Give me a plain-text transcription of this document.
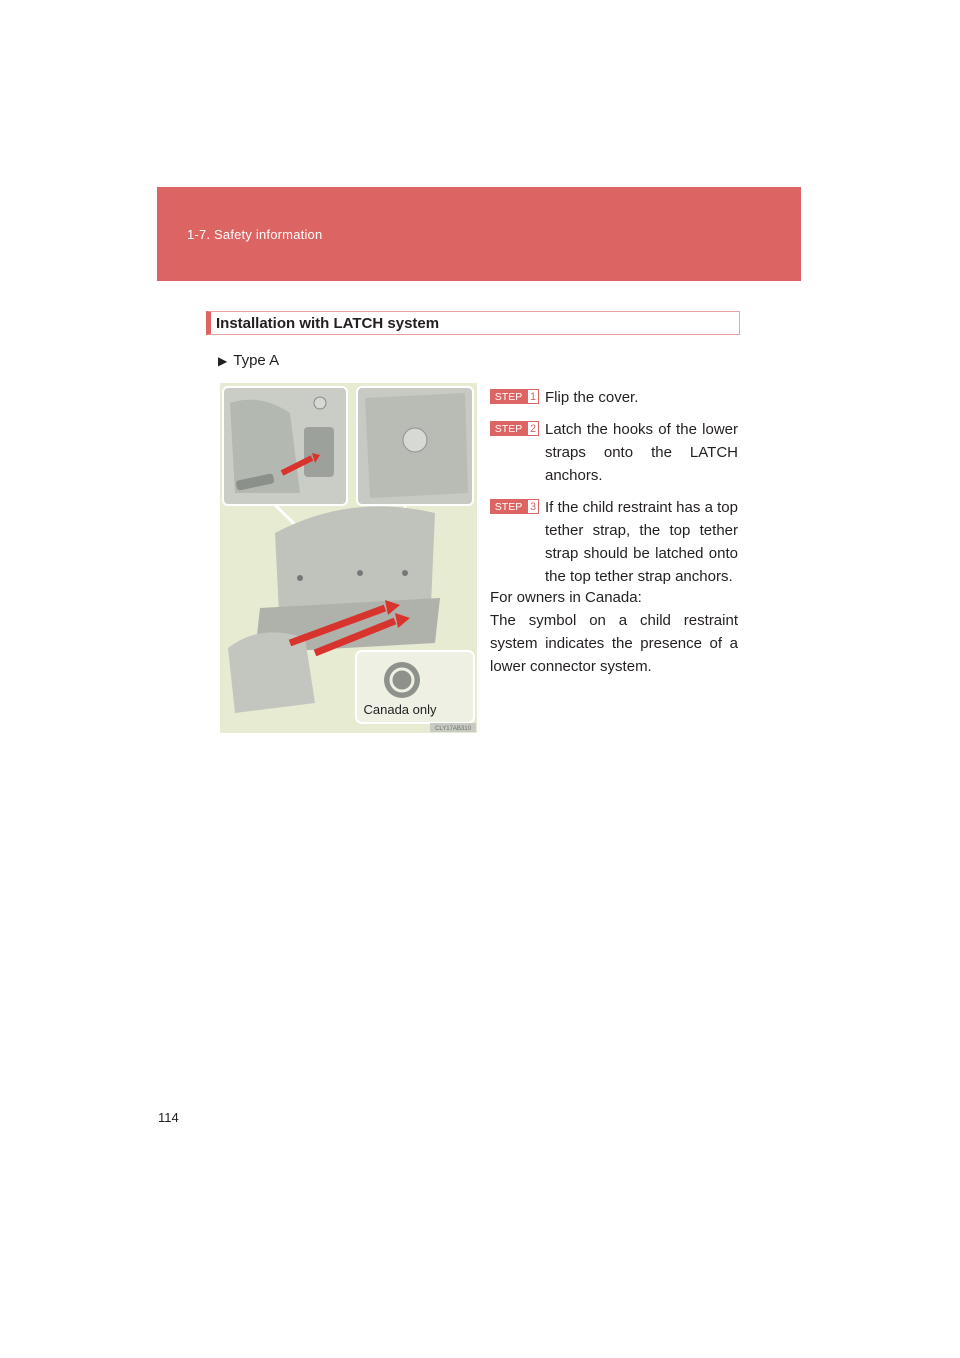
1-7. Safety information
Installation with LATCH system
▶ Type A
Canada only
CLY17AB310
STEP 1 Flip the cover.
STEP 2 Latch the hooks of the lower straps onto the LATCH anchors.
STEP 3 If the child restraint has a top tether strap, the top tether strap should be latched onto the top tether strap anchors.

For owners in Canada:

The symbol on a child restraint system indicates the presence of a lower connector system.

114
